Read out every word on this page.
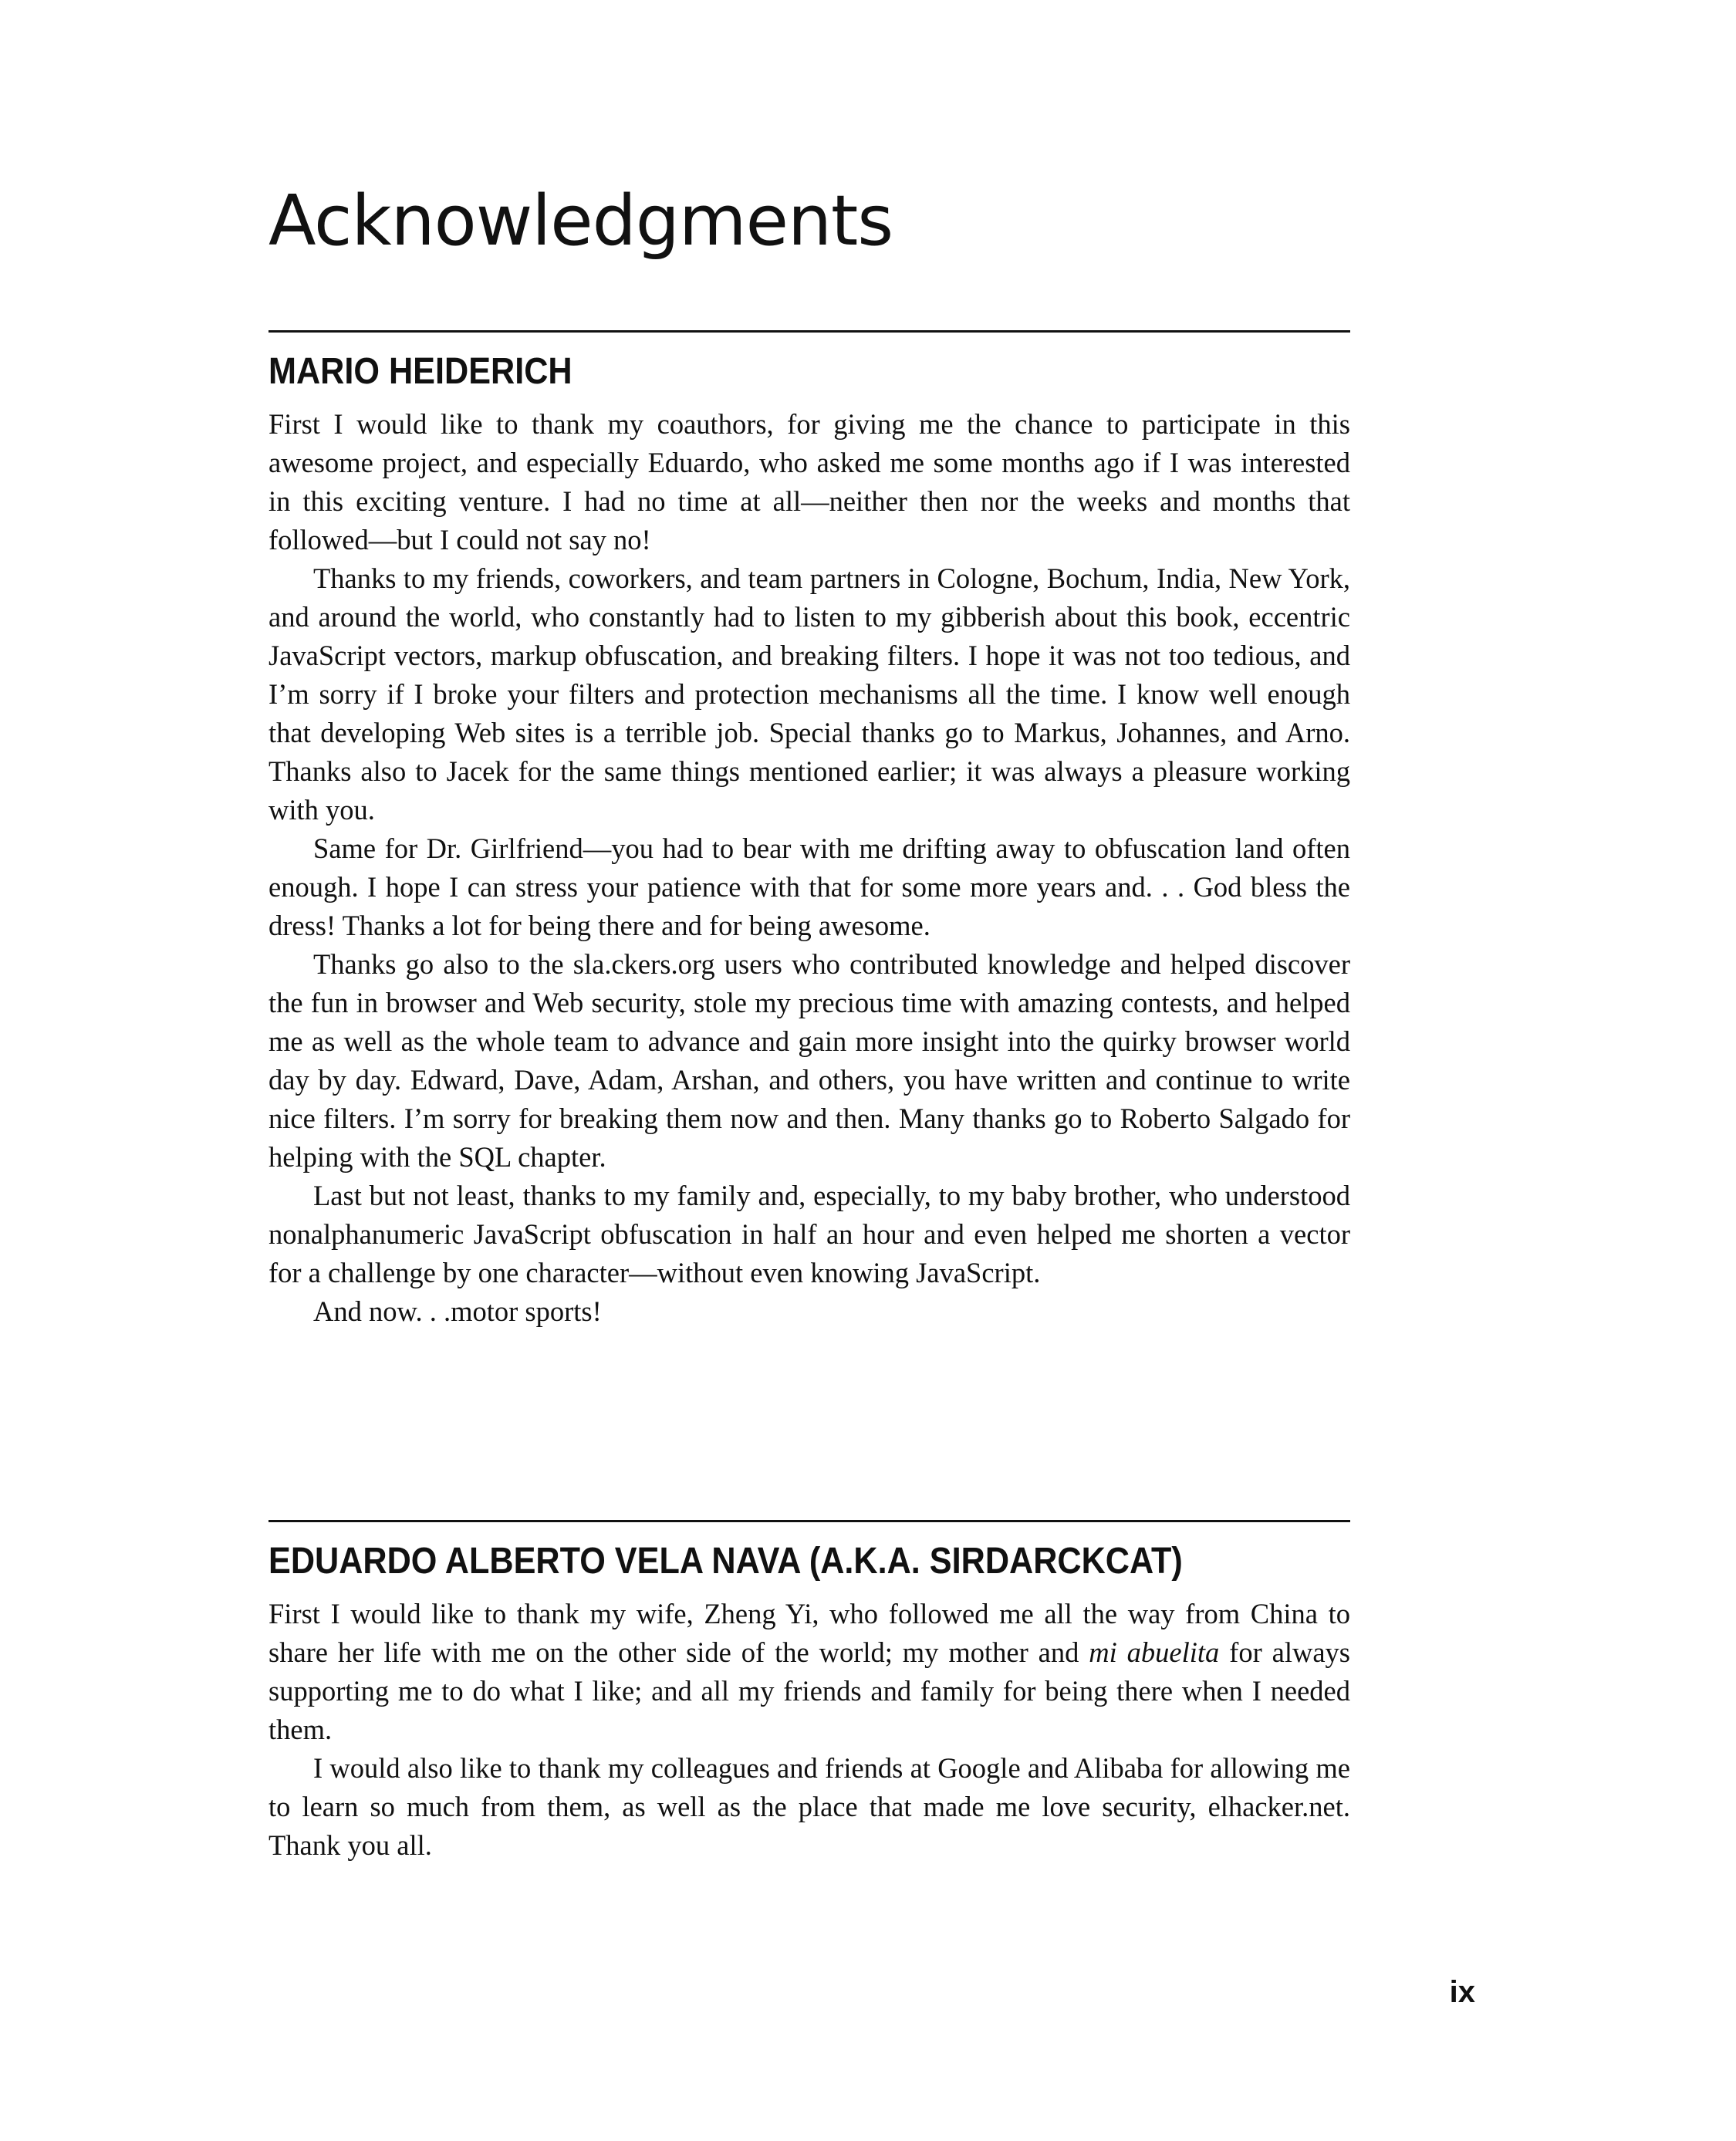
Acknowledgments
MARIO HEIDERICH

First I would like to thank my coauthors, for giving me the chance to participate in this awesome project, and especially Eduardo, who asked me some months ago if I was interested in this exciting venture. I had no time at all—neither then nor the weeks and months that followed—but I could not say no!

Thanks to my friends, coworkers, and team partners in Cologne, Bochum, India, New York, and around the world, who constantly had to listen to my gibberish about this book, eccentric JavaScript vectors, markup obfuscation, and breaking filters. I hope it was not too tedious, and I’m sorry if I broke your filters and protection mechanisms all the time. I know well enough that developing Web sites is a terrible job. Special thanks go to Markus, Johannes, and Arno. Thanks also to Jacek for the same things mentioned earlier; it was always a pleasure working with you.

Same for Dr. Girlfriend—you had to bear with me drifting away to obfuscation land often enough. I hope I can stress your patience with that for some more years and. . . God bless the dress! Thanks a lot for being there and for being awesome.

Thanks go also to the sla.ckers.org users who contributed knowledge and helped discover the fun in browser and Web security, stole my precious time with amazing contests, and helped me as well as the whole team to advance and gain more insight into the quirky browser world day by day. Edward, Dave, Adam, Arshan, and others, you have written and continue to write nice filters. I’m sorry for breaking them now and then. Many thanks go to Roberto Salgado for helping with the SQL chapter.

Last but not least, thanks to my family and, especially, to my baby brother, who understood nonalphanumeric JavaScript obfuscation in half an hour and even helped me shorten a vector for a challenge by one character—without even knowing JavaScript.

And now. . .motor sports!

EDUARDO ALBERTO VELA NAVA (A.K.A. SIRDARCKCAT)

First I would like to thank my wife, Zheng Yi, who followed me all the way from China to share her life with me on the other side of the world; my mother and mi abuelita for always supporting me to do what I like; and all my friends and family for being there when I needed them.

I would also like to thank my colleagues and friends at Google and Alibaba for allowing me to learn so much from them, as well as the place that made me love security, elhacker.net. Thank you all.

ix
